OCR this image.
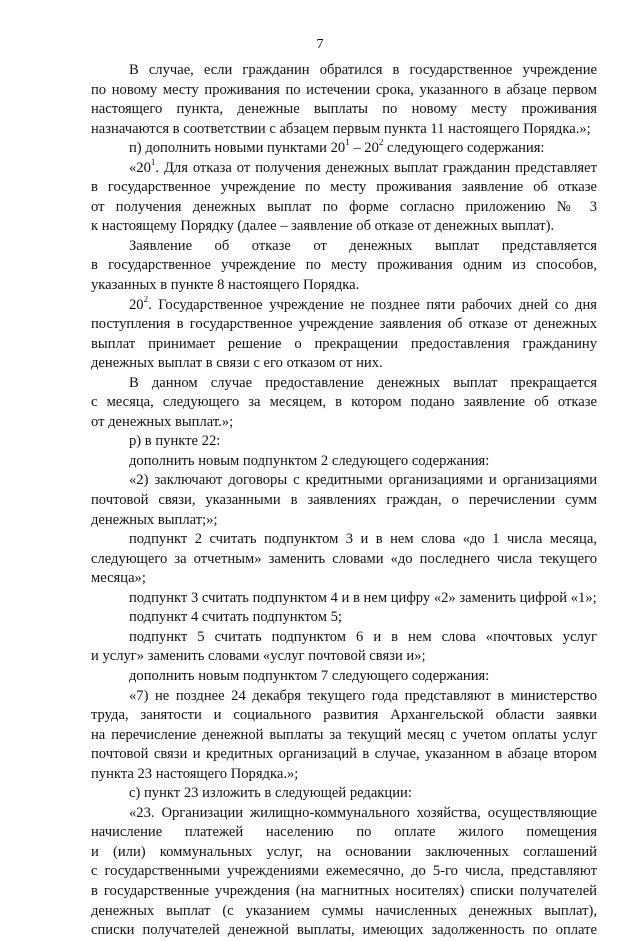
7
В случае, если гражданин обратился в государственное учреждение
по новому месту проживания по истечении срока, указанного в абзаце первом
настоящего пункта, денежные выплаты по новому месту проживания
назначаются в соответствии с абзацем первым пункта 11 настоящего Порядка.»;
п) дополнить новыми пунктами $20^1 - 20^2$ следующего содержания:
«$20^1$. Для отказа от получения денежных выплат гражданин представляет
в государственное учреждение по месту проживания заявление об отказе
от получения денежных выплат по форме согласно приложению № 3
к настоящему Порядку (далее – заявление об отказе от денежных выплат).
Заявление об отказе от денежных выплат представляется
в государственное учреждение по месту проживания одним из способов,
указанных в пункте 8 настоящего Порядка.
$20^2$. Государственное учреждение не позднее пяти рабочих дней со дня
поступления в государственное учреждение заявления об отказе от денежных
выплат принимает решение о прекращении предоставления гражданину
денежных выплат в связи с его отказом от них.
В данном случае предоставление денежных выплат прекращается
с месяца, следующего за месяцем, в котором подано заявление об отказе
от денежных выплат.»;
р) в пункте 22:
дополнить новым подпунктом 2 следующего содержания:
«2) заключают договоры с кредитными организациями и организациями
почтовой связи, указанными в заявлениях граждан, о перечислении сумм
денежных выплат;»;
подпункт 2 считать подпунктом 3 и в нем слова «до 1 числа месяца,
следующего за отчетным» заменить словами «до последнего числа текущего
месяца»;
подпункт 3 считать подпунктом 4 и в нем цифру «2» заменить цифрой «1»;
подпункт 4 считать подпунктом 5;
подпункт 5 считать подпунктом 6 и в нем слова «почтовых услуг
и услуг» заменить словами «услуг почтовой связи и»;
дополнить новым подпунктом 7 следующего содержания:
«7) не позднее 24 декабря текущего года представляют в министерство
труда, занятости и социального развития Архангельской области заявки
на перечисление денежной выплаты за текущий месяц с учетом оплаты услуг
почтовой связи и кредитных организаций в случае, указанном в абзаце втором
пункта 23 настоящего Порядка.»;
с) пункт 23 изложить в следующей редакции:
«23. Организации жилищно-коммунального хозяйства, осуществляющие
начисление платежей населению по оплате жилого помещения
и (или) коммунальных услуг, на основании заключенных соглашений
с государственными учреждениями ежемесячно, до 5-го числа, представляют
в государственные учреждения (на магнитных носителях) списки получателей
денежных выплат (с указанием суммы начисленных денежных выплат),
списки получателей денежной выплаты, имеющих задолженность по оплате
